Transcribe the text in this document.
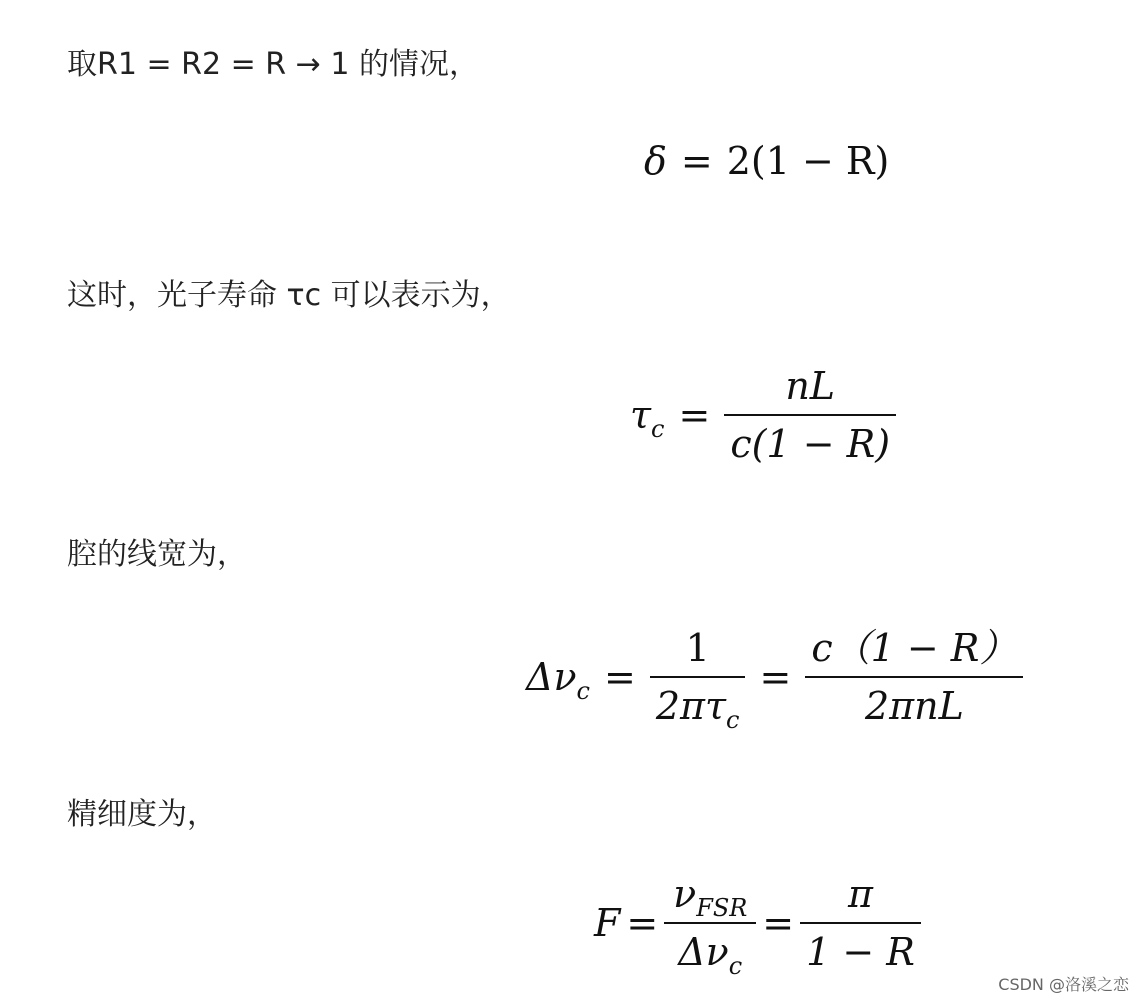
取R1 = R2 = R → 1 的情况，
δ = 2(1 − R)
这时，光子寿命 τc 可以表示为，
$\tau_c = \frac{nL}{c(1 - R)}$
腔的线宽为，
$\Delta\nu_c = \frac{1}{2\pi\tau_c} = \frac{c(1 - R)}{\text{2πnL}}$
精细度为，
$F = \frac{\nu_{FSR}}{\Delta\nu_c} = \frac{\pi}{1 - R}$
CSDN @洛溪之恋
